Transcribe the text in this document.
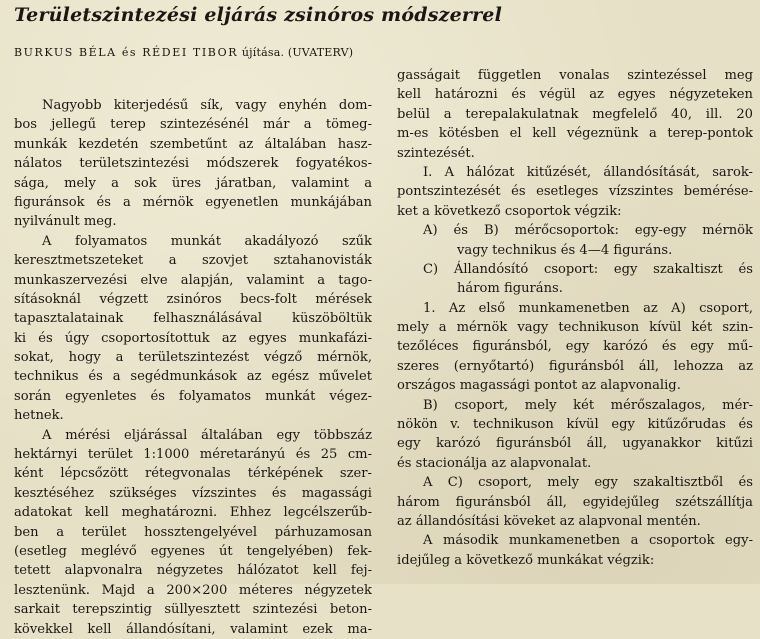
Területszintezési eljárás zsinóros módszerrel
BURKUS BÉLA és RÉDEI TIBOR újítása. (UVATERV)
Nagyobb kiterjedésű sík, vagy enyhén dom-
bos jellegű terep szintezésénél már a tömeg-
munkák kezdetén szembetűnt az általában hasz-
nálatos területszintezési módszerek fogyatékos-
sága, mely a sok üres járatban, valamint a
figuránsok és a mérnök egyenetlen munkájában
nyilvánult meg.
A folyamatos munkát akadályozó szűk
keresztmetszeteket a szovjet sztahanovisták
munkaszervezési elve alapján, valamint a tago-
sításoknál végzett zsinóros becs-folt mérések
tapasztalatainak felhasználásával küszöböltük
ki és úgy csoportosítottuk az egyes munkafázi-
sokat, hogy a területszintezést végző mérnök,
technikus és a segédmunkások az egész művelet
során egyenletes és folyamatos munkát végez-
hetnek.
A mérési eljárással általában egy többszáz
hektárnyi terület 1:1000 méretarányú és 25 cm-
ként lépcsőzött rétegvonalas térképének szer-
kesztéséhez szükséges vízszintes és magassági
adatokat kell meghatározni. Ehhez legcélszerűb-
ben a terület hossztengelyével párhuzamosan
(esetleg meglévő egyenes út tengelyében) fek-
tetett alapvonalra négyzetes hálózatot kell fej-
lesztenünk. Majd a 200×200 méteres négyzetek
sarkait terepszintig süllyesztett szintezési beton-
kövekkel kell állandósítani, valamint ezek ma-
gasságait független vonalas szintezéssel meg
kell határozni és végül az egyes négyzeteken
belül a terepalakulatnak megfelelő 40, ill. 20
m-es kötésben el kell végeznünk a terep-pontok
szintezését.
I. A hálózat kitűzését, állandósítását, sarok-
pontszintezését és esetleges vízszintes bemérése-
ket a következő csoportok végzik:
A) és B) mérőcsoportok: egy-egy mérnök
vagy technikus és 4—4 figuráns.
C) Állandósító csoport: egy szakaltiszt és
három figuráns.
1. Az első munkamenetben az A) csoport,
mely a mérnök vagy technikuson kívül két szin-
tezőléces figuránsból, egy karózó és egy mű-
szeres (ernyőtartó) figuránsból áll, lehozza az
országos magassági pontot az alapvonalig.
B) csoport, mely két mérőszalagos, mér-
nökön v. technikuson kívül egy kitűzőrudas és
egy karózó figuránsból áll, ugyanakkor kitűzi
és stacionálja az alapvonalat.
A C) csoport, mely egy szakaltisztből és
három figuránsból áll, egyidejűleg szétszállítja
az állandósítási köveket az alapvonal mentén.
A második munkamenetben a csoportok egy-
idejűleg a következő munkákat végzik:
